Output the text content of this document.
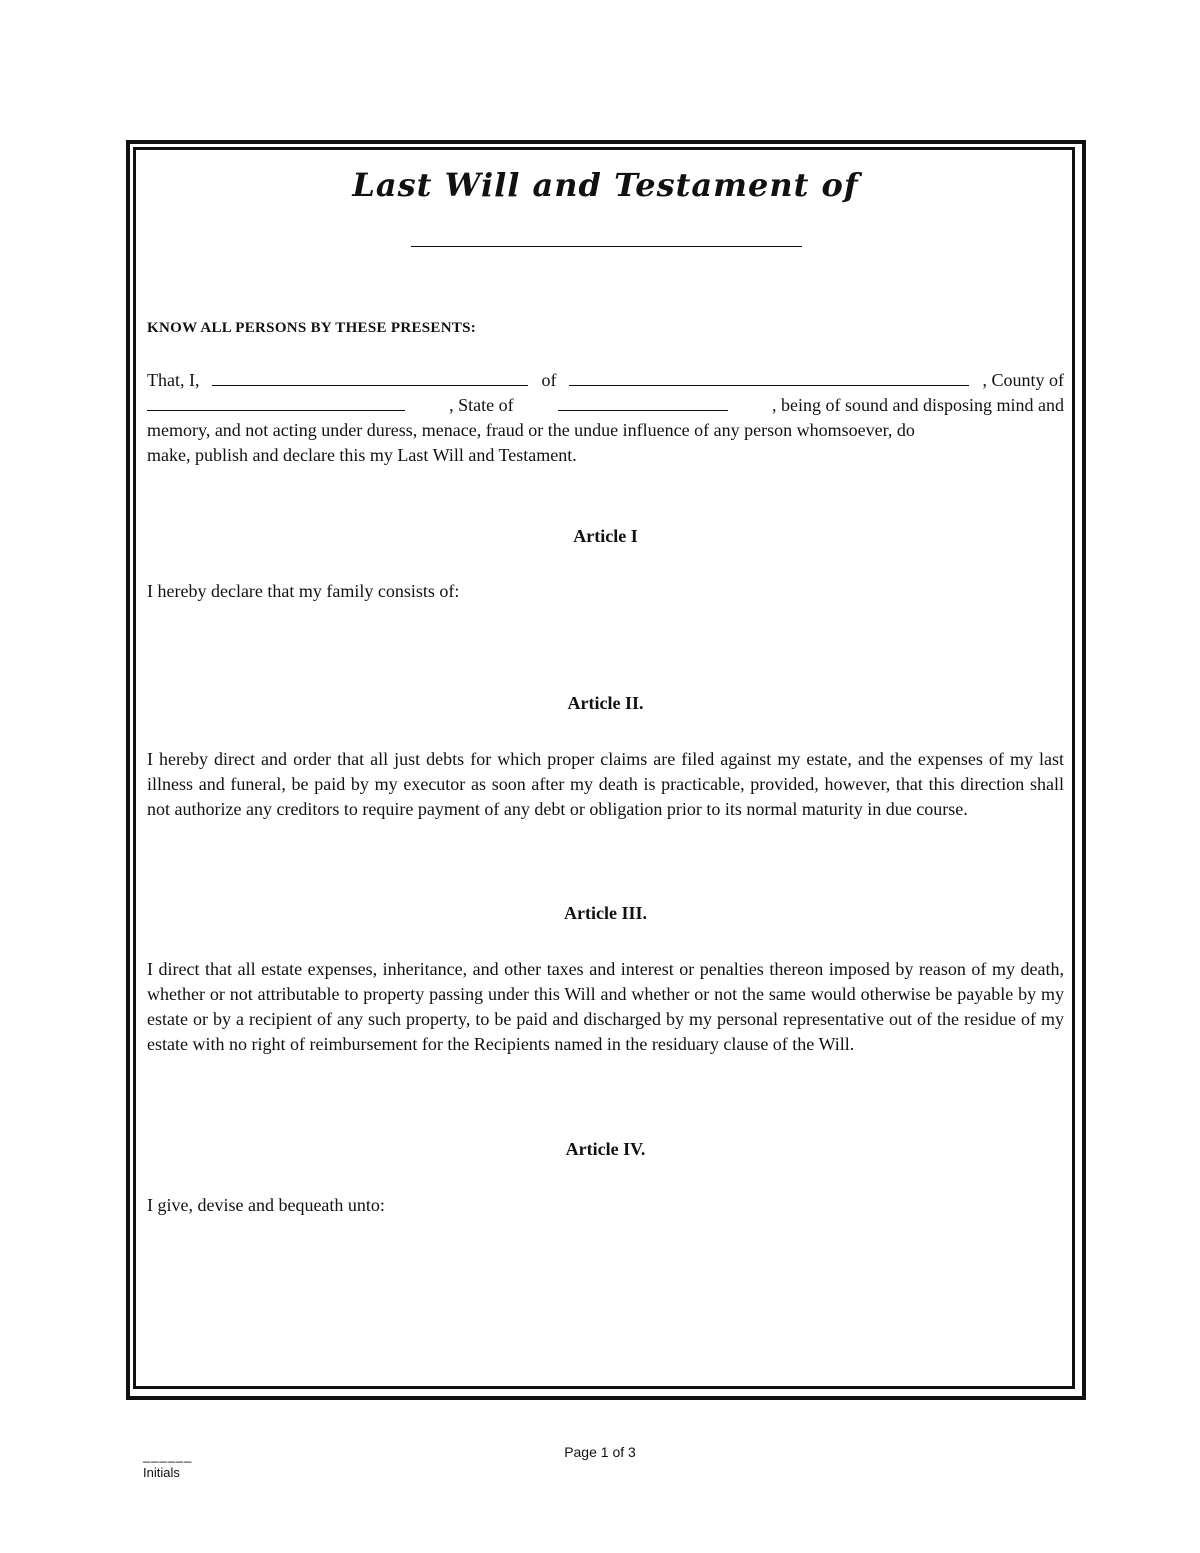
Last Will and Testament of
KNOW ALL PERSONS BY THESE PRESENTS:
That, I,	of	, County of
, State of	, being of sound and disposing mind and
memory, and not acting under duress, menace, fraud or the undue influence of any person whomsoever, do
make, publish and declare this my Last Will and Testament.
Article I
I hereby declare that my family consists of:
Article II.
I hereby direct and order that all just debts for which proper claims are filed against my estate, and the expenses of my last illness and funeral, be paid by my executor as soon after my death is practicable, provided, however, that this direction shall not authorize any creditors to require payment of any debt or obligation prior to its normal maturity in due course.
Article III.
I direct that all estate expenses, inheritance, and other taxes and interest or penalties thereon imposed by reason of my death, whether or not attributable to property passing under this Will and whether or not the same would otherwise be payable by my estate or by a recipient of any such property, to be paid and discharged by my personal representative out of the residue of my estate with no right of reimbursement for the Recipients named in the residuary clause of the Will.
Article IV.
I give, devise and bequeath unto:
______
Initials
Page 1 of 3
